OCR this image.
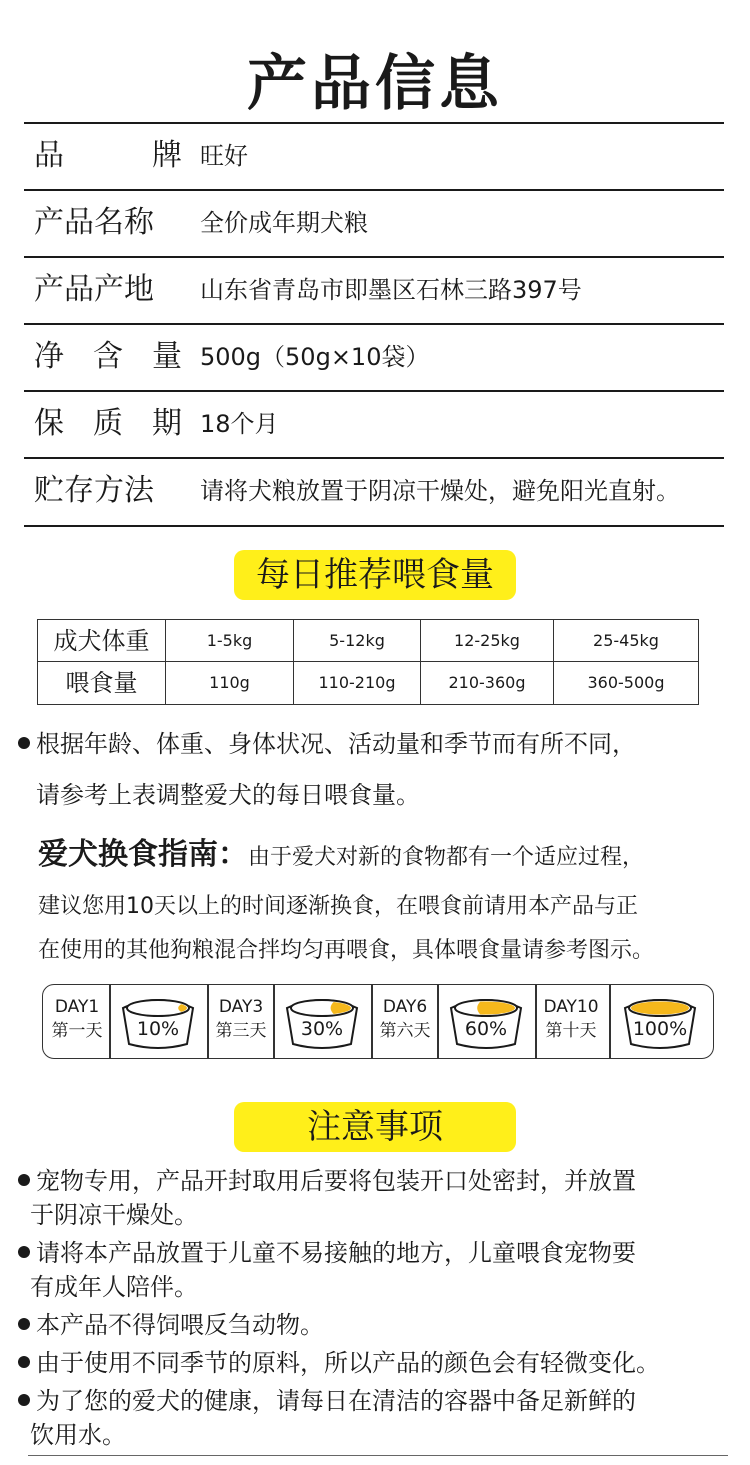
产品信息
品	牌 旺好
产品名称 全价成年期犬粮
产品产地 山东省青岛市即墨区石林三路397号
净 含 量 500g（50g×10袋）
保 质 期 18个月
贮存方法 请将犬粮放置于阴凉干燥处，避免阳光直射。
每日推荐喂食量
成犬体重	1-5kg	5-12kg	12-25kg	25-45kg
喂食量	110g	110-210g	210-360g	360-500g
根据年龄、体重、身体状况、活动量和季节而有所不同，
请参考上表调整爱犬的每日喂食量。
爱犬换食指南：由于爱犬对新的食物都有一个适应过程，
建议您用10天以上的时间逐渐换食，在喂食前请用本产品与正
在使用的其他狗粮混合拌均匀再喂食，具体喂食量请参考图示。
DAY1
第一天	10%
DAY3
第三天	30%
DAY6
第六天	60%
DAY10
第十天	100%
注意事项
宠物专用，产品开封取用后要将包装开口处密封，并放置
于阴凉干燥处。
请将本产品放置于儿童不易接触的地方，儿童喂食宠物要
有成年人陪伴。
本产品不得饲喂反刍动物。
由于使用不同季节的原料，所以产品的颜色会有轻微变化。
为了您的爱犬的健康，请每日在清洁的容器中备足新鲜的
饮用水。
